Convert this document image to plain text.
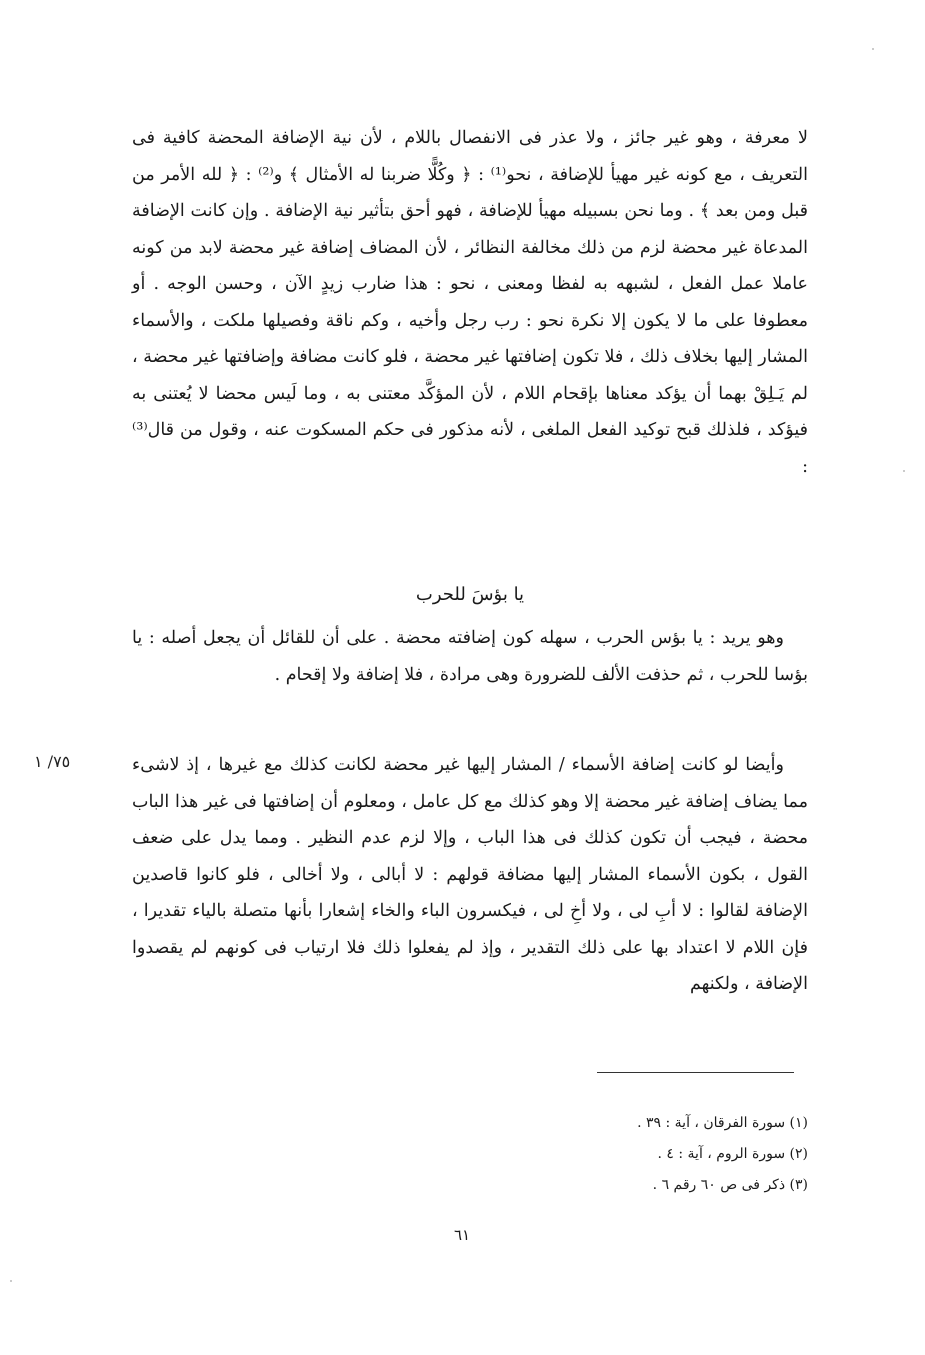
لا معرفة ، وهو غير جائز ، ولا عذر فى الانفصال باللام ، لأن نية الإضافة المحضة كافية فى التعريف ، مع كونه غير مهيأ للإضافة ، نحو⁽¹⁾ : ﴿ وكُلًّا ضربنا له الأمثال ﴾ و⁽²⁾ : ﴿ لله الأمر من قبل ومن بعد ﴾ . وما نحن بسبيله مهيأ للإضافة ، فهو أحق بتأثير نية الإضافة . وإن كانت الإضافة المدعاة غير محضة لزم من ذلك مخالفة النظائر ، لأن المضاف إضافة غير محضة لابد من كونه عاملا عمل الفعل ، لشبهه به لفظا ومعنى ، نحو : هذا ضارب زيدٍ الآن ، وحسن الوجه . أو معطوفا على ما لا يكون إلا نكرة نحو : رب رجل وأخيه ، وكم ناقة وفصيلها ملكت ، والأسماء المشار إليها بخلاف ذلك ، فلا تكون إضافتها غير محضة ، فلو كانت مضافة وإضافتها غير محضة ، لم يَـلِقْ بهما أن يؤكد معناها بإقحام اللام ، لأن المؤكَّد معتنى به ، وما لَيس محضا لا يُعتنى به فيؤكد ، فلذلك قبح توكيد الفعل الملغى ، لأنه مذكور فى حكم المسكوت عنه ، وقول من قال⁽³⁾ :

يا بؤسَ للحرب

وهو يريد : يا بؤس الحرب ، سهله كون إضافته محضة . على أن للقائل أن يجعل أصله : يا بؤسا للحرب ، ثم حذفت الألف للضرورة وهى مرادة ، فلا إضافة ولا إقحام .

وأيضا لو كانت إضافة الأسماء / المشار إليها غير محضة لكانت كذلك مع غيرها ، إذ لاشىء مما يضاف إضافة غير محضة إلا وهو كذلك مع كل عامل ، ومعلوم أن إضافتها فى غير هذا الباب محضة ، فيجب أن تكون كذلك فى هذا الباب ، وإلا لزم عدم النظير . ومما يدل على ضعف القول ، بكون الأسماء المشار إليها مضافة قولهم : لا أبالى ، ولا أخالى ، فلو كانوا قاصدين الإضافة لقالوا : لا أبِ لى ، ولا أخِ لى ، فيكسرون الباء والخاء إشعارا بأنها متصلة بالياء تقديرا ، فإن اللام لا اعتداد بها على ذلك التقدير ، وإذ لم يفعلوا ذلك فلا ارتياب فى كونهم لم يقصدوا الإضافة ، ولكنهم

٧٥/ ١
(١) سورة الفرقان ، آية : ٣٩ .
(٢) سورة الروم ، آية : ٤ .
(٣) ذكر فى ص ٦٠ رقم ٦ .
٦١
